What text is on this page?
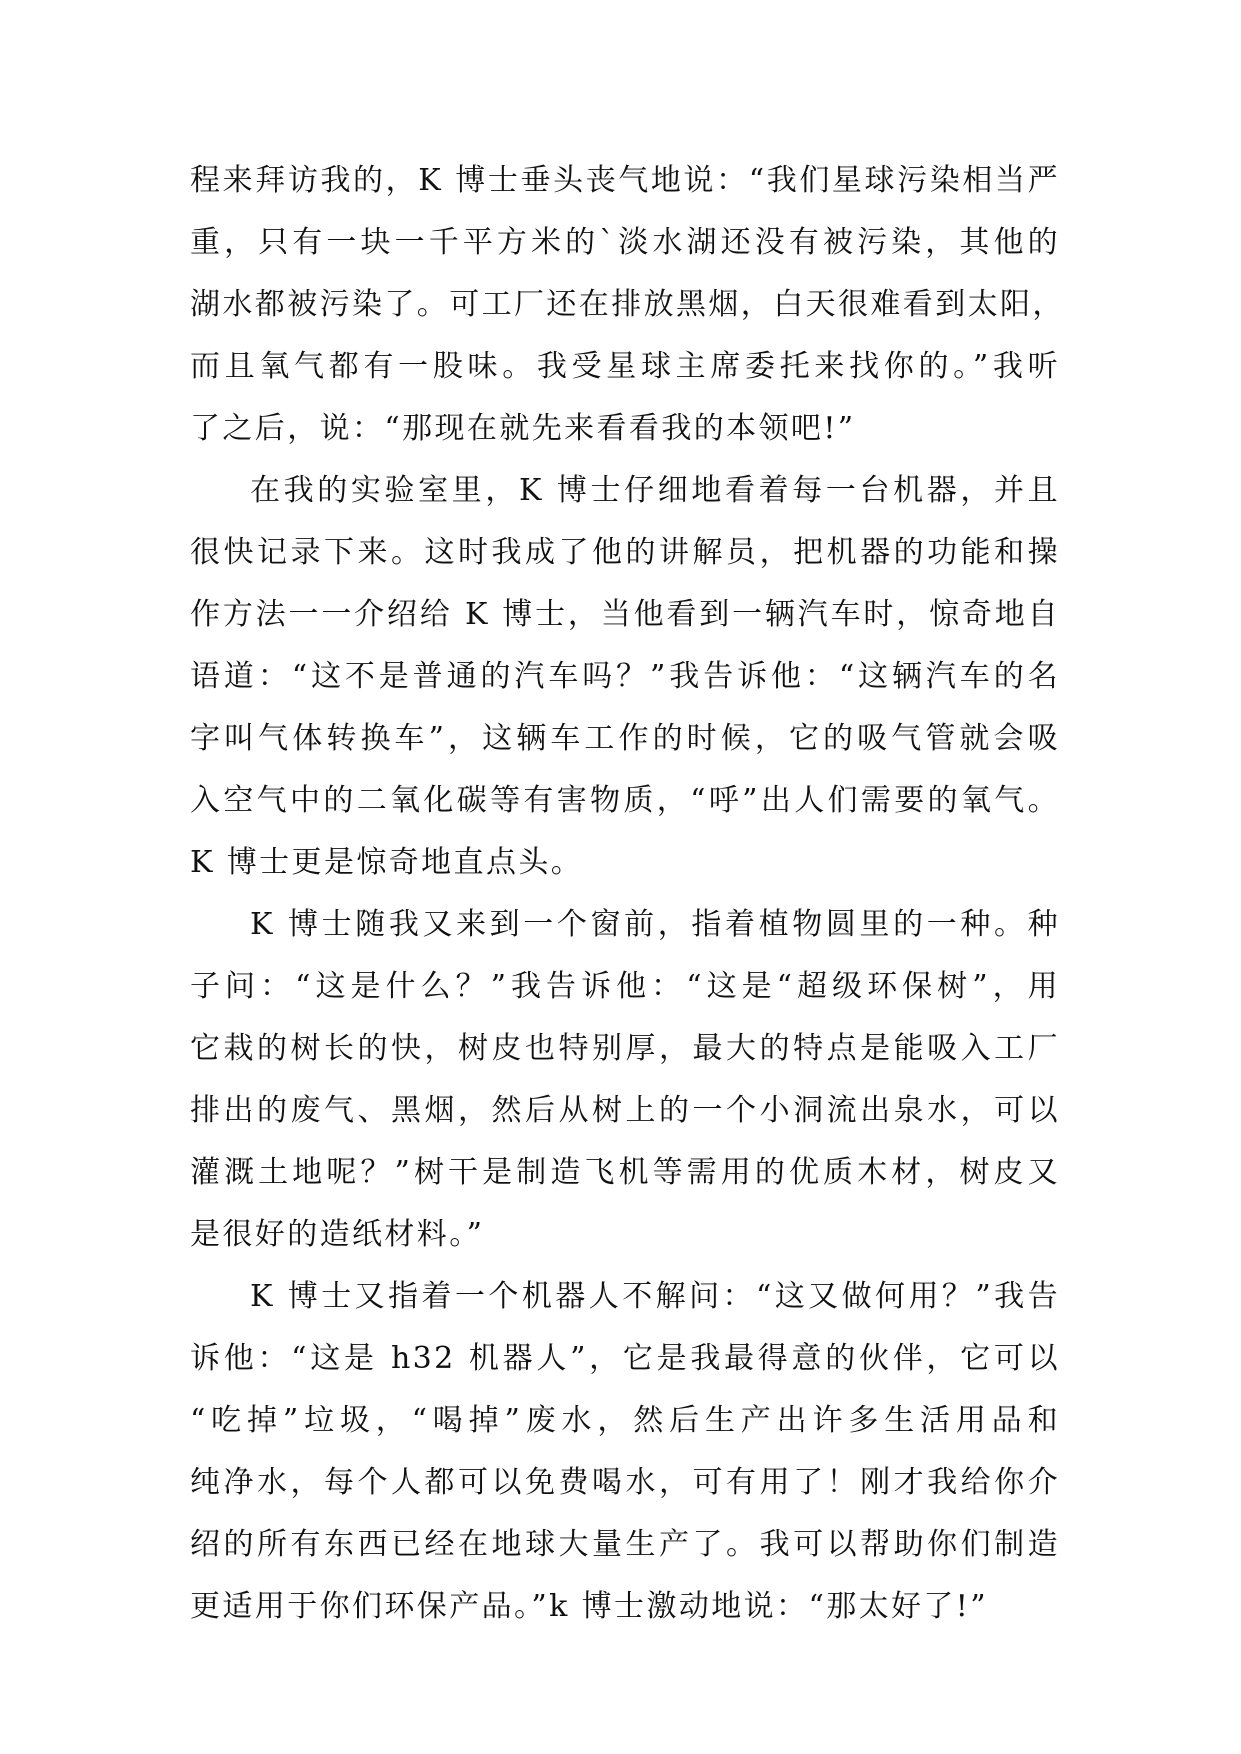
程来拜访我的，K 博士垂头丧气地说：“我们星球污染相当严
重，只有一块一千平方米的`淡水湖还没有被污染，其他的
湖水都被污染了。可工厂还在排放黑烟，白天很难看到太阳，
而且氧气都有一股味。我受星球主席委托来找你的。”我听
了之后，说：“那现在就先来看看我的本领吧!”
在我的实验室里，K 博士仔细地看着每一台机器，并且
很快记录下来。这时我成了他的讲解员，把机器的功能和操
作方法一一介绍给 K 博士，当他看到一辆汽车时，惊奇地自
语道：“这不是普通的汽车吗？”我告诉他：“这辆汽车的名
字叫气体转换车”，这辆车工作的时候，它的吸气管就会吸
入空气中的二氧化碳等有害物质，“呼”出人们需要的氧气。
K 博士更是惊奇地直点头。
K 博士随我又来到一个窗前，指着植物圆里的一种。种
子问：“这是什么？”我告诉他：“这是“超级环保树”，用
它栽的树长的快，树皮也特别厚，最大的特点是能吸入工厂
排出的废气、黑烟，然后从树上的一个小洞流出泉水，可以
灌溉土地呢？”树干是制造飞机等需用的优质木材，树皮又
是很好的造纸材料。”
K 博士又指着一个机器人不解问：“这又做何用？”我告
诉他：“这是 h32 机器人”，它是我最得意的伙伴，它可以
“吃掉”垃圾，“喝掉”废水，然后生产出许多生活用品和
纯净水，每个人都可以免费喝水，可有用了！刚才我给你介
绍的所有东西已经在地球大量生产了。我可以帮助你们制造
更适用于你们环保产品。”k 博士激动地说：“那太好了!”
